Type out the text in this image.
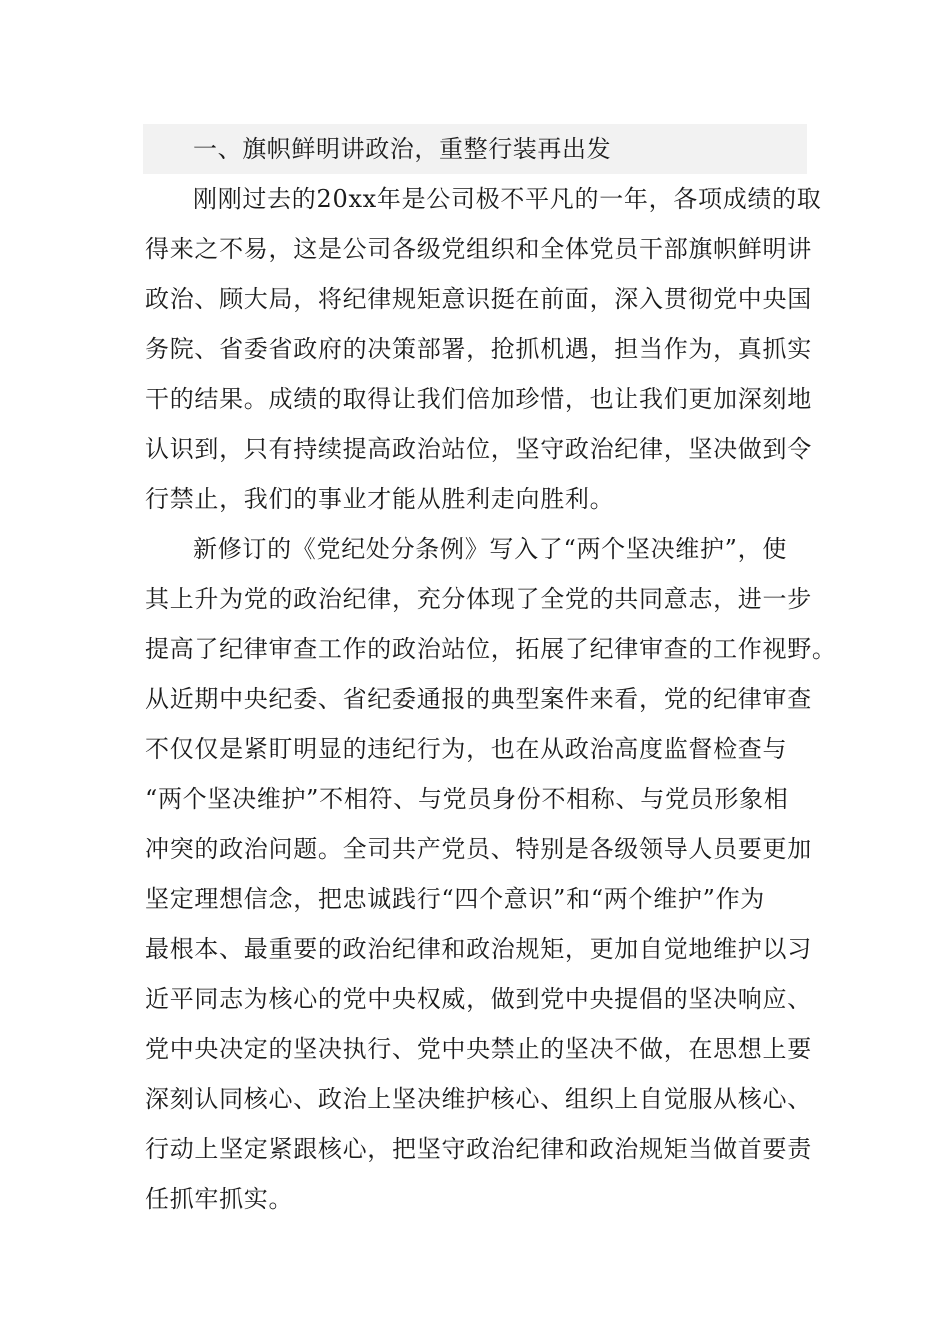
一、旗帜鲜明讲政治，重整行装再出发
刚刚过去的20xx年是公司极不平凡的一年，各项成绩的取
得来之不易，这是公司各级党组织和全体党员干部旗帜鲜明讲
政治、顾大局，将纪律规矩意识挺在前面，深入贯彻党中央国
务院、省委省政府的决策部署，抢抓机遇，担当作为，真抓实
干的结果。成绩的取得让我们倍加珍惜，也让我们更加深刻地
认识到，只有持续提高政治站位，坚守政治纪律，坚决做到令
行禁止，我们的事业才能从胜利走向胜利。
新修订的《党纪处分条例》写入了“两个坚决维护”，使
其上升为党的政治纪律，充分体现了全党的共同意志，进一步
提高了纪律审查工作的政治站位，拓展了纪律审查的工作视野。
从近期中央纪委、省纪委通报的典型案件来看，党的纪律审查
不仅仅是紧盯明显的违纪行为，也在从政治高度监督检查与
“两个坚决维护”不相符、与党员身份不相称、与党员形象相
冲突的政治问题。全司共产党员、特别是各级领导人员要更加
坚定理想信念，把忠诚践行“四个意识”和“两个维护”作为
最根本、最重要的政治纪律和政治规矩，更加自觉地维护以习
近平同志为核心的党中央权威，做到党中央提倡的坚决响应、
党中央决定的坚决执行、党中央禁止的坚决不做，在思想上要
深刻认同核心、政治上坚决维护核心、组织上自觉服从核心、
行动上坚定紧跟核心，把坚守政治纪律和政治规矩当做首要责
任抓牢抓实。
